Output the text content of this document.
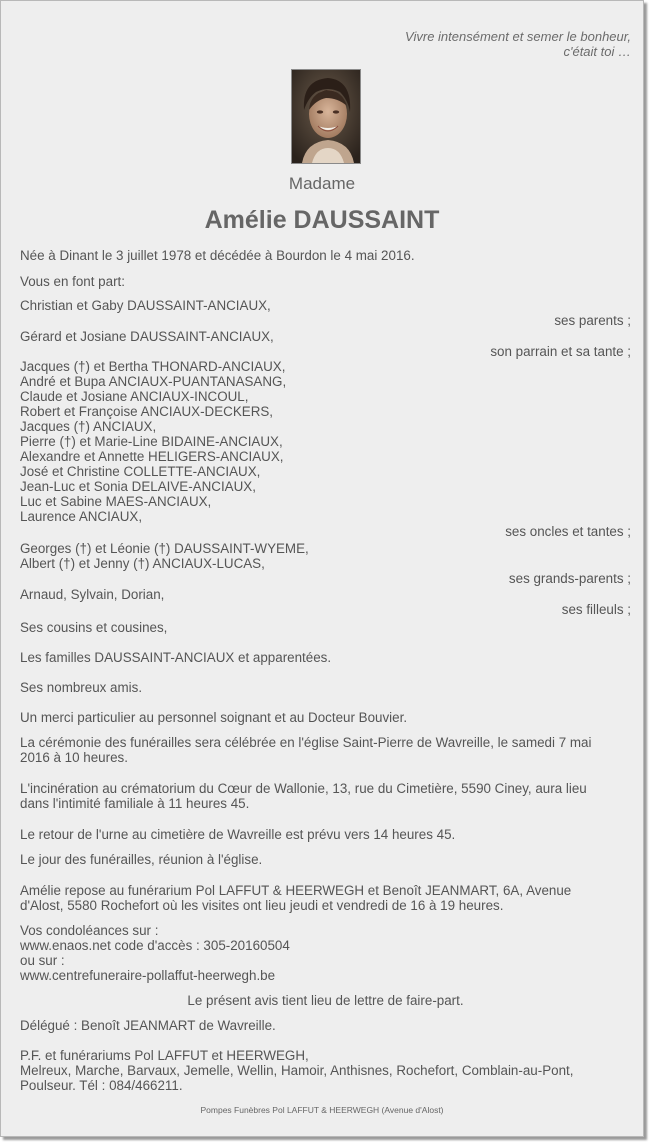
Vivre intensément et semer le bonheur,
c'était toi …
Madame
Amélie DAUSSAINT
Née à Dinant le 3 juillet 1978 et décédée à Bourdon le 4 mai 2016.
Vous en font part:
Christian et Gaby DAUSSAINT-ANCIAUX,
ses parents ;
Gérard et Josiane DAUSSAINT-ANCIAUX,
son parrain et sa tante ;
Jacques (†) et Bertha THONARD-ANCIAUX,
André et Bupa ANCIAUX-PUANTANASANG,
Claude et Josiane ANCIAUX-INCOUL,
Robert et Françoise ANCIAUX-DECKERS,
Jacques (†) ANCIAUX,
Pierre (†) et Marie-Line BIDAINE-ANCIAUX,
Alexandre et Annette HELIGERS-ANCIAUX,
José et Christine COLLETTE-ANCIAUX,
Jean-Luc et Sonia DELAIVE-ANCIAUX,
Luc et Sabine MAES-ANCIAUX,
Laurence ANCIAUX,
ses oncles et tantes ;
Georges (†) et Léonie (†) DAUSSAINT-WYEME,
Albert (†) et Jenny (†) ANCIAUX-LUCAS,
ses grands-parents ;
Arnaud, Sylvain, Dorian,
ses filleuls ;
Ses cousins et cousines,
Les familles DAUSSAINT-ANCIAUX et apparentées.
Ses nombreux amis.
Un merci particulier au personnel soignant et au Docteur Bouvier.
La cérémonie des funérailles sera célébrée en l'église Saint-Pierre de Wavreille, le samedi 7 mai
2016 à 10 heures.
L'incinération au crématorium du Cœur de Wallonie, 13, rue du Cimetière, 5590 Ciney, aura lieu
dans l'intimité familiale à 11 heures 45.
Le retour de l'urne au cimetière de Wavreille est prévu vers 14 heures 45.
Le jour des funérailles, réunion à l'église.
Amélie repose au funérarium Pol LAFFUT & HEERWEGH et Benoît JEANMART, 6A, Avenue
d'Alost, 5580 Rochefort où les visites ont lieu jeudi et vendredi de 16 à 19 heures.
Vos condoléances sur :
www.enaos.net code d'accès : 305-20160504
ou sur :
www.centrefuneraire-pollaffut-heerwegh.be
Le présent avis tient lieu de lettre de faire-part.
Délégué : Benoît JEANMART de Wavreille.
P.F. et funérariums Pol LAFFUT et HEERWEGH,
Melreux, Marche, Barvaux, Jemelle, Wellin, Hamoir, Anthisnes, Rochefort, Comblain-au-Pont,
Poulseur. Tél : 084/466211.
Pompes Funèbres Pol LAFFUT & HEERWEGH (Avenue d'Alost)
